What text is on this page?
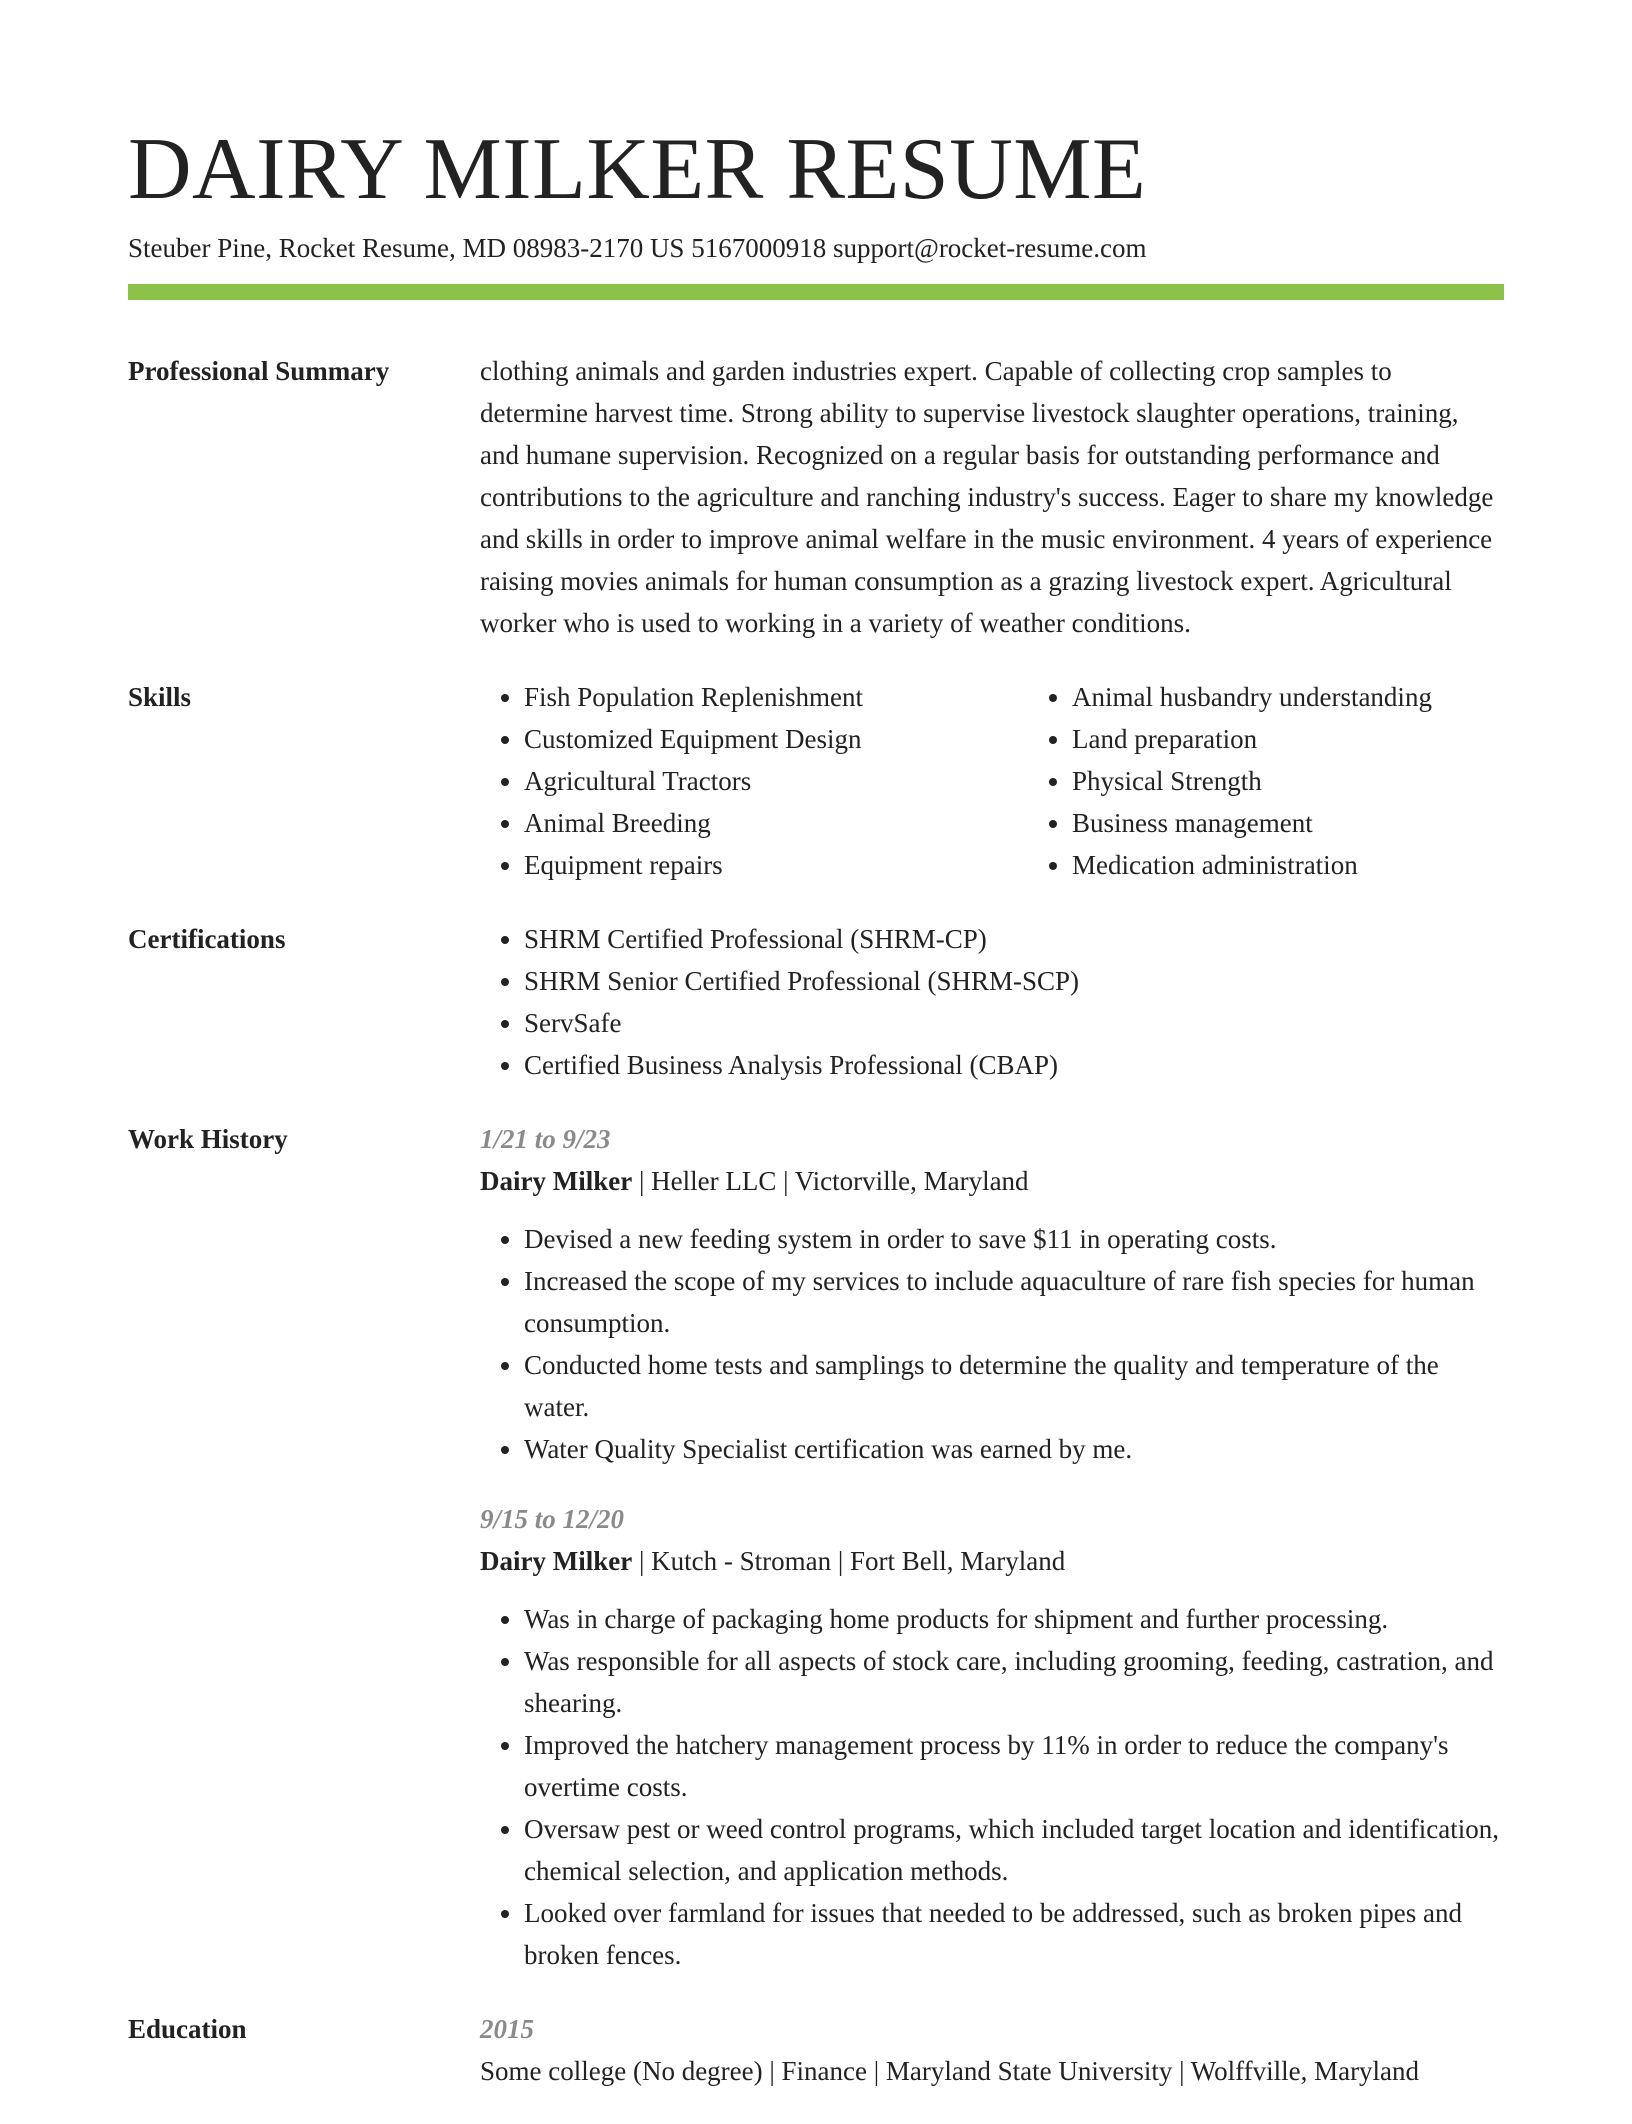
DAIRY MILKER RESUME
Steuber Pine, Rocket Resume, MD 08983-2170 US 5167000918 support@rocket-resume.com
Professional Summary	clothing animals and garden industries expert. Capable of collecting crop samples to determine harvest time. Strong ability to supervise livestock slaughter operations, training, and humane supervision. Recognized on a regular basis for outstanding performance and contributions to the agriculture and ranching industry's success. Eager to share my knowledge and skills in order to improve animal welfare in the music environment. 4 years of experience raising movies animals for human consumption as a grazing livestock expert. Agricultural worker who is used to working in a variety of weather conditions.

Skills	• Fish Population Replenishment
• Customized Equipment Design
• Agricultural Tractors
• Animal Breeding
• Equipment repairs
• Animal husbandry understanding
• Land preparation
• Physical Strength
• Business management
• Medication administration
Certifications	• SHRM Certified Professional (SHRM-CP)
• SHRM Senior Certified Professional (SHRM-SCP)
• ServSafe
• Certified Business Analysis Professional (CBAP)
Work History	1/21 to 9/23
Dairy Milker | Heller LLC | Victorville, Maryland
• Devised a new feeding system in order to save $11 in operating costs.
• Increased the scope of my services to include aquaculture of rare fish species for human consumption.
• Conducted home tests and samplings to determine the quality and temperature of the water.
• Water Quality Specialist certification was earned by me.
9/15 to 12/20
Dairy Milker | Kutch - Stroman | Fort Bell, Maryland
• Was in charge of packaging home products for shipment and further processing.
• Was responsible for all aspects of stock care, including grooming, feeding, castration, and shearing.
• Improved the hatchery management process by 11% in order to reduce the company's overtime costs.
• Oversaw pest or weed control programs, which included target location and identification, chemical selection, and application methods.
• Looked over farmland for issues that needed to be addressed, such as broken pipes and broken fences.
Education	2015
Some college (No degree) | Finance | Maryland State University | Wolffville, Maryland
